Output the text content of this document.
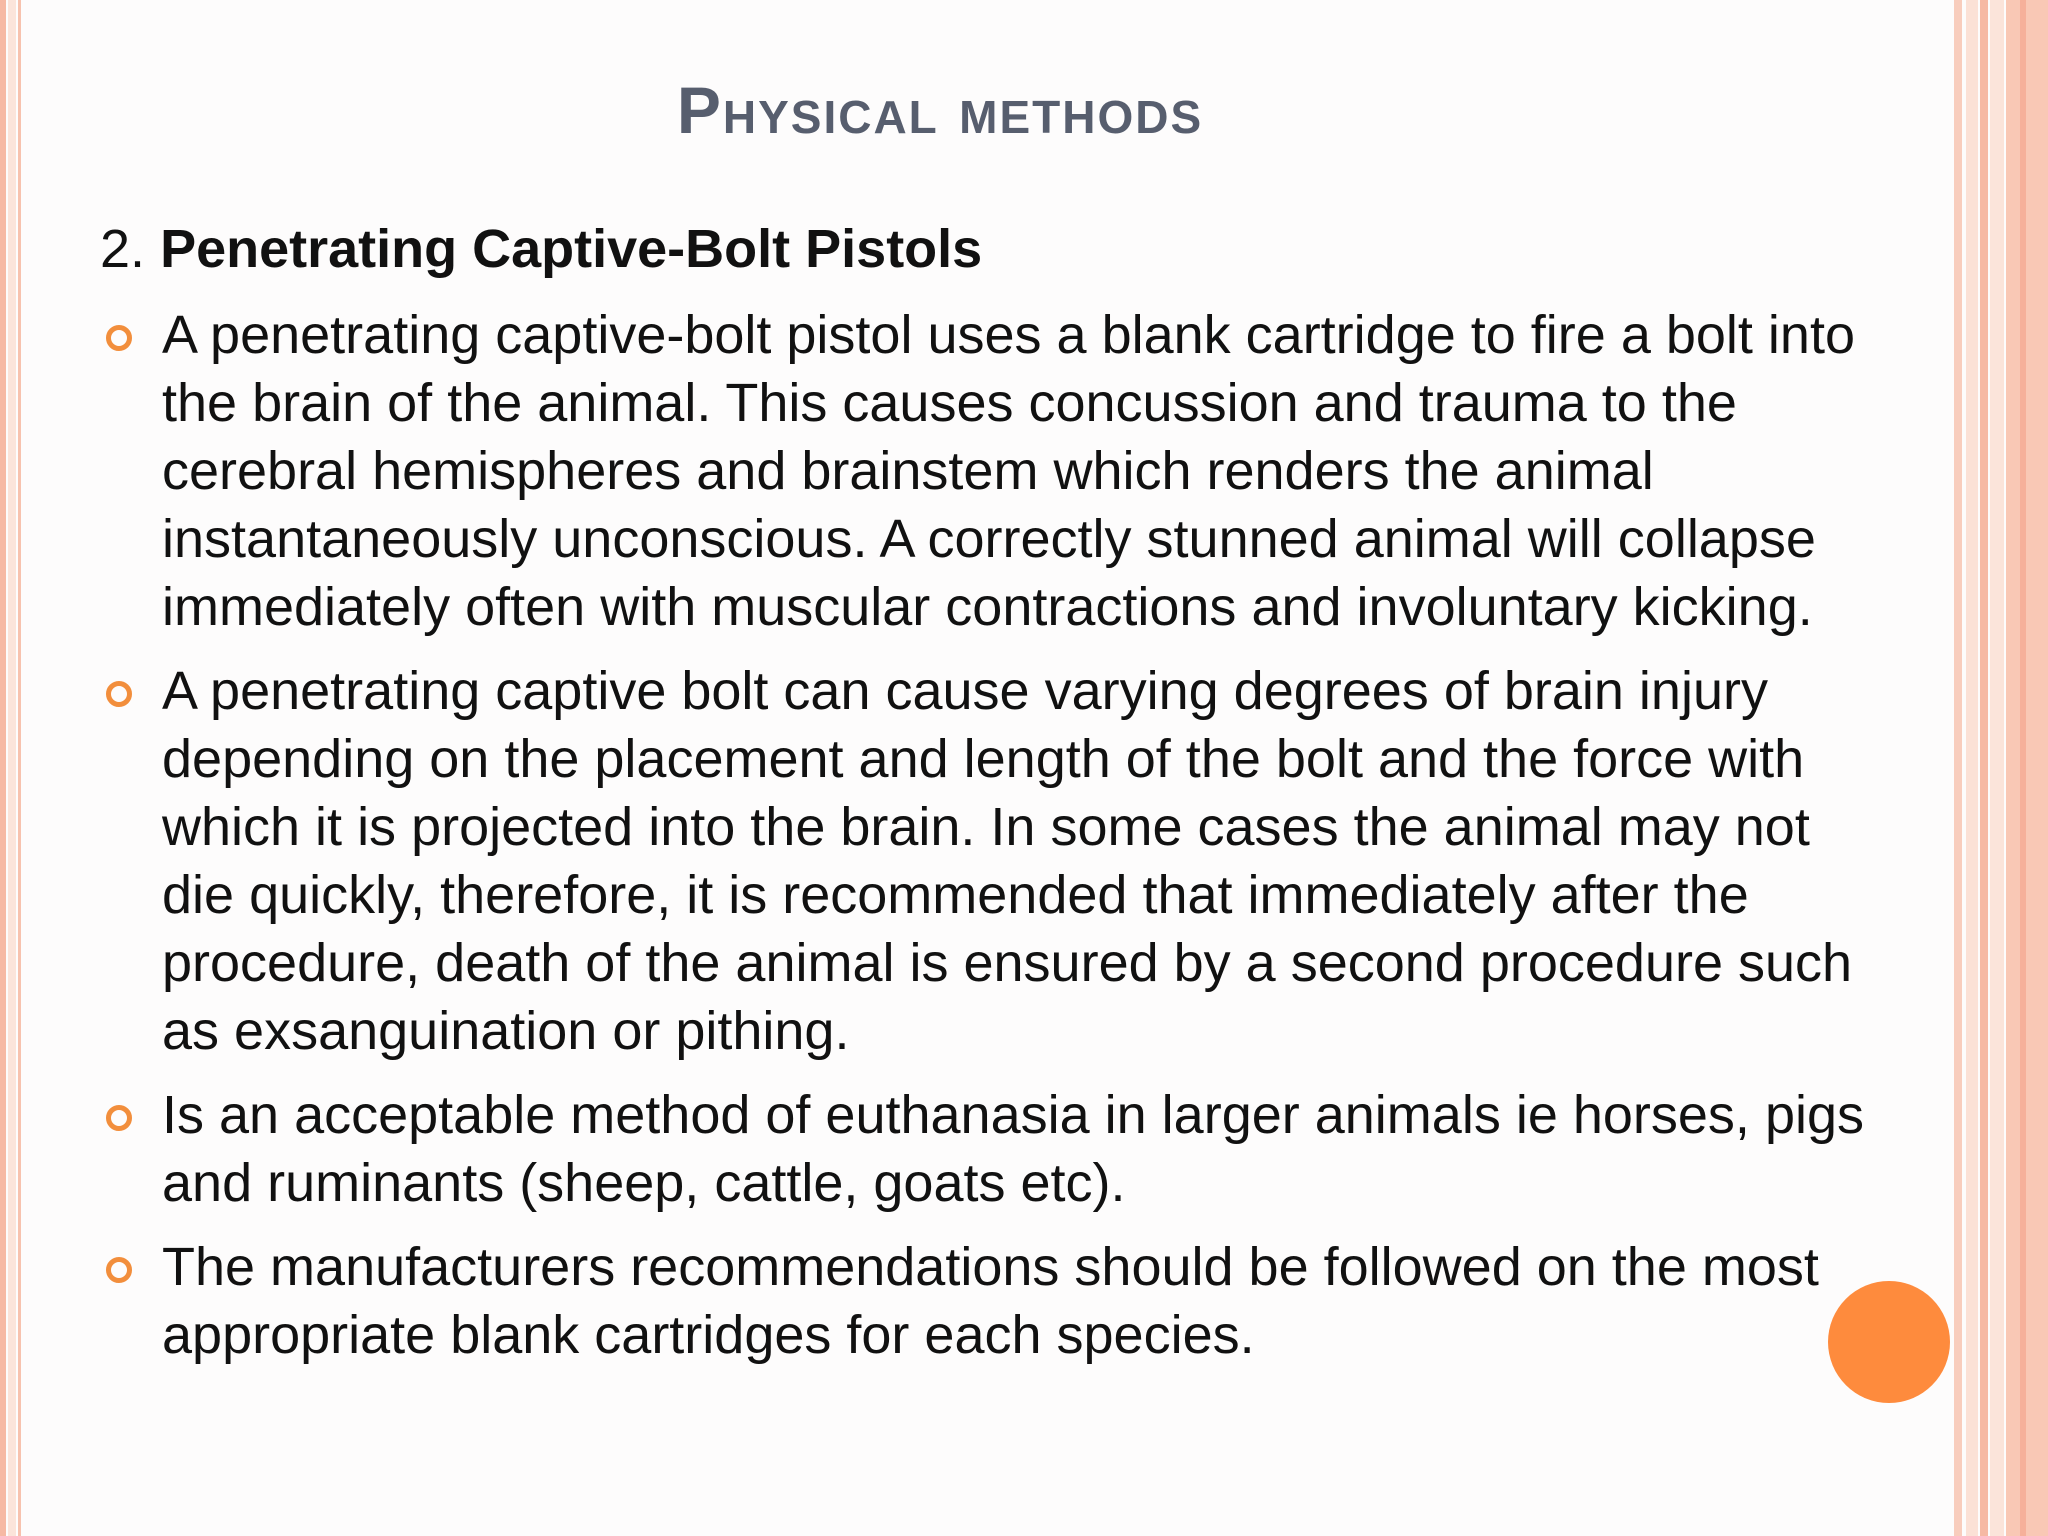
Physical methods
2. Penetrating Captive-Bolt Pistols
A penetrating captive-bolt pistol uses a blank cartridge to fire a bolt into the brain of the animal. This causes concussion and trauma to the cerebral hemispheres and brainstem which renders the animal instantaneously unconscious. A correctly stunned animal will collapse immediately often with muscular contractions and involuntary kicking.
A penetrating captive bolt can cause varying degrees of brain injury depending on the placement and length of the bolt and the force with which it is projected into the brain. In some cases the animal may not die quickly, therefore, it is recommended that immediately after the procedure, death of the animal is ensured by a second procedure such as exsanguination or pithing.
Is an acceptable method of euthanasia in larger animals ie horses, pigs and ruminants (sheep, cattle, goats etc).
The manufacturers recommendations should be followed on the most appropriate blank cartridges for each species.
